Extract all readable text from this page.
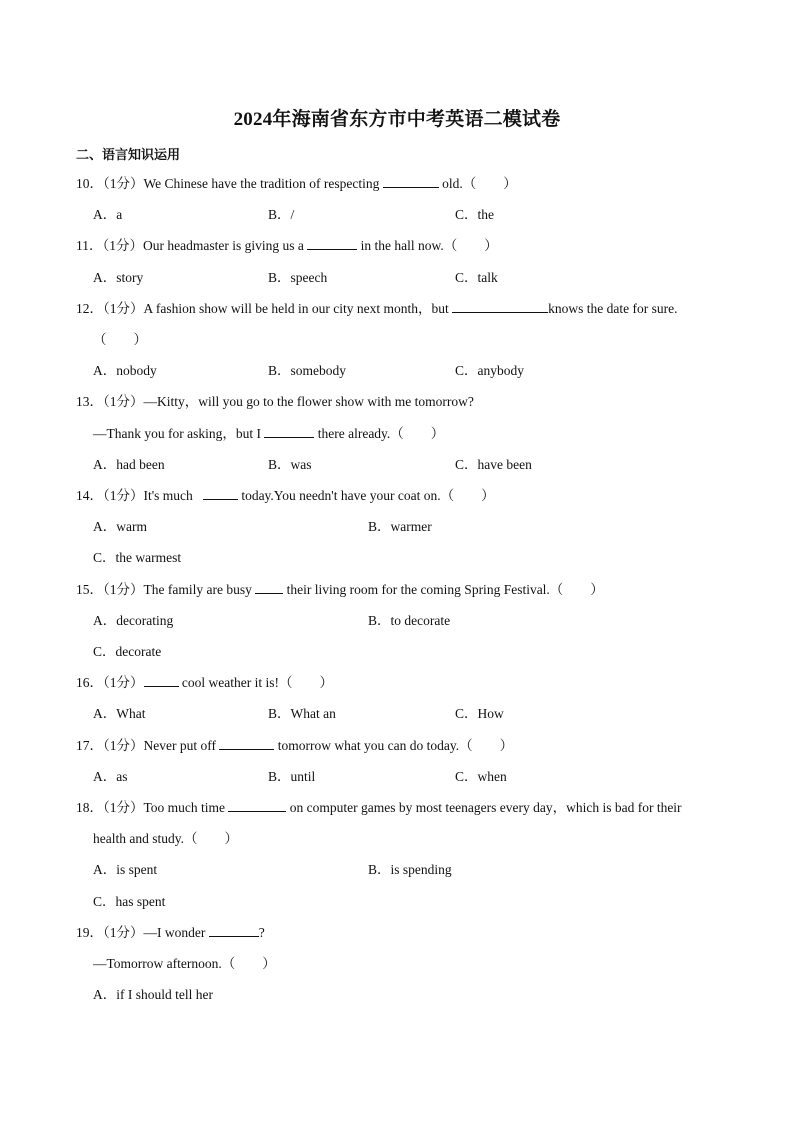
2024年海南省东方市中考英语二模试卷
二、语言知识运用
10．（1分）We Chinese have the tradition of respecting	old.（　　）
A．a	B．/	C．the
11．（1分）Our headmaster is giving us a	in the hall now.（　　）
A．story	B．speech	C．talk
12．（1分）A fashion show will be held in our city next month，but	knows the date for sure.
（　　）
A．nobody	B．somebody	C．anybody
13．（1分）—Kitty，will you go to the flower show with me tomorrow?
—Thank you for asking，but I	there already.（　　）
A．had been	B．was	C．have been
14．（1分）It's much	today.You needn't have your coat on.（　　）
A．warm	B．warmer
C．the warmest
15．（1分）The family are busy	their living room for the coming Spring Festival.（　　）
A．decorating	B．to decorate
C．decorate
16．（1分）	cool weather it is!（　　）
A．What	B．What an	C．How
17．（1分）Never put off	tomorrow what you can do today.（　　）
A．as	B．until	C．when
18．（1分）Too much time	on computer games by most teenagers every day，which is bad for their
health and study.（　　）
A．is spent	B．is spending
C．has spent
19．（1分）—I wonder	?
—Tomorrow afternoon.（　　）
A．if I should tell her
